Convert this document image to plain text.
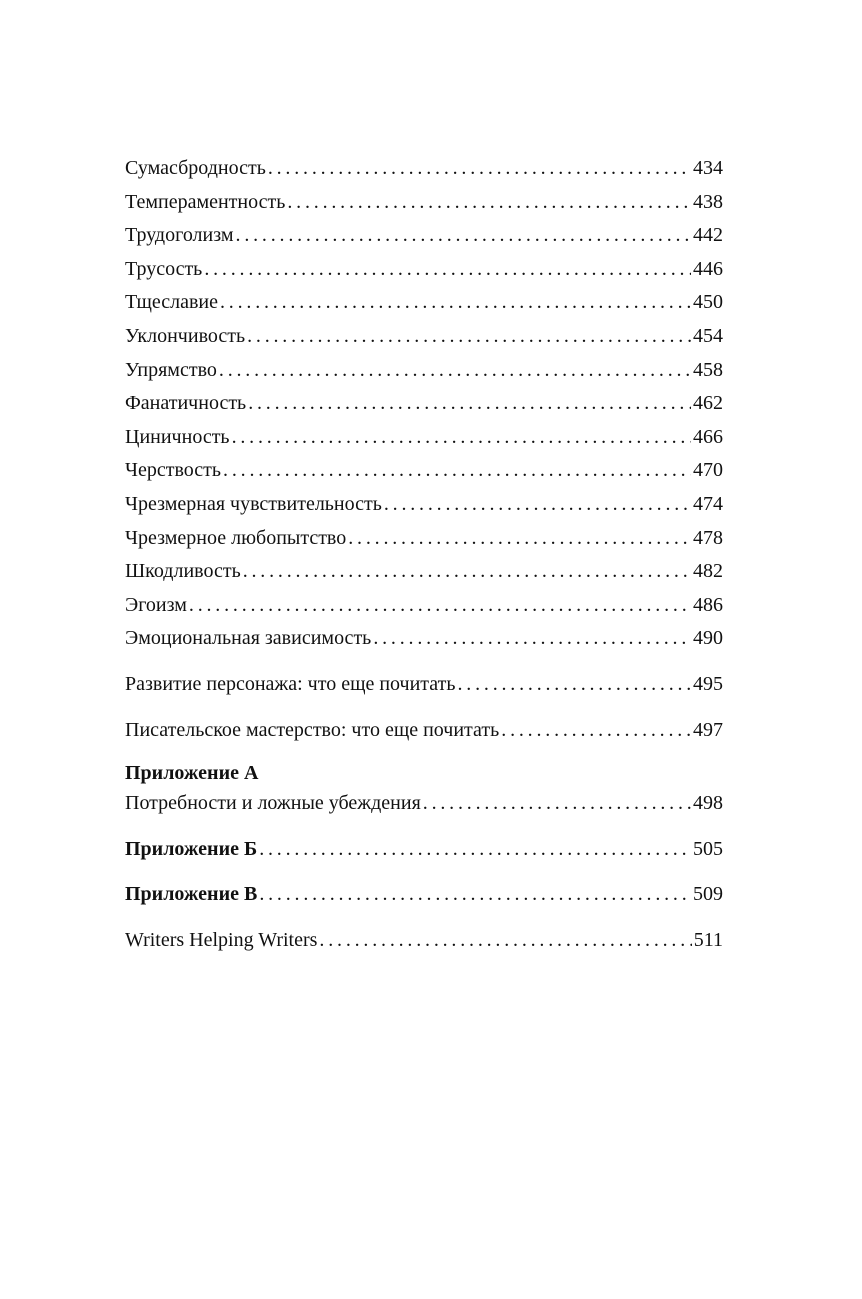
Сумасбродность . . .	434
Темпераментность . . .	438
Трудоголизм . . .	442
Трусость . . .	446
Тщеславие . . .	450
Уклончивость . . .	454
Упрямство . . .	458
Фанатичность . . .	462
Циничность . . .	466
Черствость . . .	470
Чрезмерная чувствительность . . .	474
Чрезмерное любопытство . . .	478
Шкодливость . . .	482
Эгоизм . . .	486
Эмоциональная зависимость . . .	490
Развитие персонажа: что еще почитать . . .	495
Писательское мастерство: что еще почитать . . .	497
Приложение А
Потребности и ложные убеждения . . .	498
Приложение Б . . .	505
Приложение В . . .	509
Writers Helping Writers . . .	511
